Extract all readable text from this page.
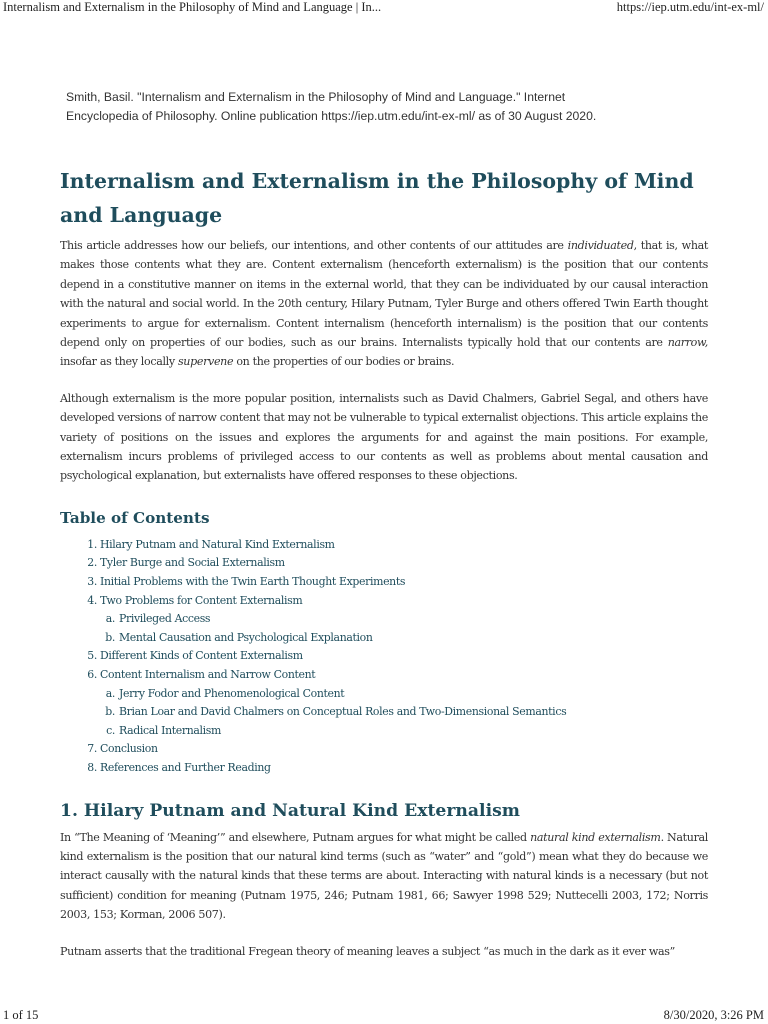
Internalism and Externalism in the Philosophy of Mind and Language | In...	https://iep.utm.edu/int-ex-ml/
Smith, Basil. "Internalism and Externalism in the Philosophy of Mind and Language." Internet
Encyclopedia of Philosophy. Online publication https://iep.utm.edu/int-ex-ml/ as of 30 August 2020.
Internalism and Externalism in the Philosophy of Mind and Language

This article addresses how our beliefs, our intentions, and other contents of our attitudes are individuated, that is, what makes those contents what they are. Content externalism (henceforth externalism) is the position that our contents depend in a constitutive manner on items in the external world, that they can be individuated by our causal interaction with the natural and social world. In the 20th century, Hilary Putnam, Tyler Burge and others offered Twin Earth thought experiments to argue for externalism. Content internalism (henceforth internalism) is the position that our contents depend only on properties of our bodies, such as our brains. Internalists typically hold that our contents are narrow, insofar as they locally supervene on the properties of our bodies or brains.

Although externalism is the more popular position, internalists such as David Chalmers, Gabriel Segal, and others have developed versions of narrow content that may not be vulnerable to typical externalist objections. This article explains the variety of positions on the issues and explores the arguments for and against the main positions. For example, externalism incurs problems of privileged access to our contents as well as problems about mental causation and psychological explanation, but externalists have offered responses to these objections.

Table of Contents
1. Hilary Putnam and Natural Kind Externalism
2. Tyler Burge and Social Externalism
3. Initial Problems with the Twin Earth Thought Experiments
4. Two Problems for Content Externalism
a. Privileged Access
b. Mental Causation and Psychological Explanation
5. Different Kinds of Content Externalism
6. Content Internalism and Narrow Content
a. Jerry Fodor and Phenomenological Content
b. Brian Loar and David Chalmers on Conceptual Roles and Two-Dimensional Semantics
c. Radical Internalism
7. Conclusion
8. References and Further Reading
1. Hilary Putnam and Natural Kind Externalism

In “The Meaning of ‘Meaning’” and elsewhere, Putnam argues for what might be called natural kind externalism. Natural kind externalism is the position that our natural kind terms (such as “water” and “gold”) mean what they do because we interact causally with the natural kinds that these terms are about. Interacting with natural kinds is a necessary (but not sufficient) condition for meaning (Putnam 1975, 246; Putnam 1981, 66; Sawyer 1998 529; Nuttecelli 2003, 172; Norris 2003, 153; Korman, 2006 507).

Putnam asserts that the traditional Fregean theory of meaning leaves a subject “as much in the dark as it ever was”

1 of 15	8/30/2020, 3:26 PM
